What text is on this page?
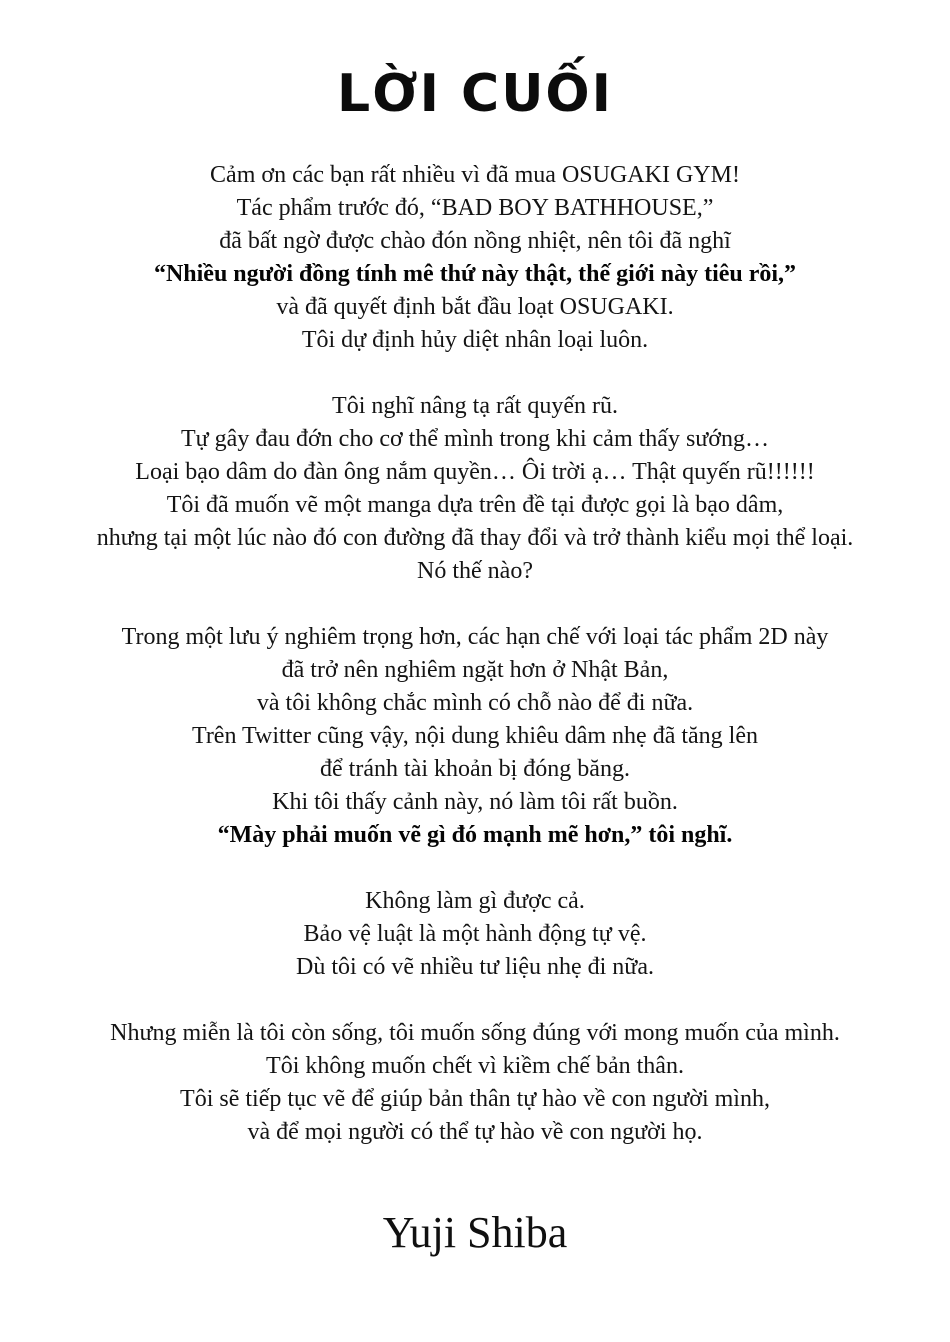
LỜI CUỐI

Cảm ơn các bạn rất nhiều vì đã mua OSUGAKI GYM!

Tác phẩm trước đó, “BAD BOY BATHHOUSE,”

đã bất ngờ được chào đón nồng nhiệt, nên tôi đã nghĩ

“Nhiều người đồng tính mê thứ này thật, thế giới này tiêu rồi,”

và đã quyết định bắt đầu loạt OSUGAKI.

Tôi dự định hủy diệt nhân loại luôn.

Tôi nghĩ nâng tạ rất quyến rũ.

Tự gây đau đớn cho cơ thể mình trong khi cảm thấy sướng…

Loại bạo dâm do đàn ông nắm quyền… Ôi trời ạ… Thật quyến rũ!!!!!!

Tôi đã muốn vẽ một manga dựa trên đề tại được gọi là bạo dâm,

nhưng tại một lúc nào đó con đường đã thay đổi và trở thành kiểu mọi thể loại.

Nó thế nào?

Trong một lưu ý nghiêm trọng hơn, các hạn chế với loại tác phẩm 2D này

đã trở nên nghiêm ngặt hơn ở Nhật Bản,

và tôi không chắc mình có chỗ nào để đi nữa.

Trên Twitter cũng vậy, nội dung khiêu dâm nhẹ đã tăng lên

để tránh tài khoản bị đóng băng.

Khi tôi thấy cảnh này, nó làm tôi rất buồn.

“Mày phải muốn vẽ gì đó mạnh mẽ hơn,” tôi nghĩ.

Không làm gì được cả.

Bảo vệ luật là một hành động tự vệ.

Dù tôi có vẽ nhiều tư liệu nhẹ đi nữa.

Nhưng miễn là tôi còn sống, tôi muốn sống đúng với mong muốn của mình.

Tôi không muốn chết vì kiềm chế bản thân.

Tôi sẽ tiếp tục vẽ để giúp bản thân tự hào về con người mình,

và để mọi người có thể tự hào về con người họ.

Yuji Shiba
